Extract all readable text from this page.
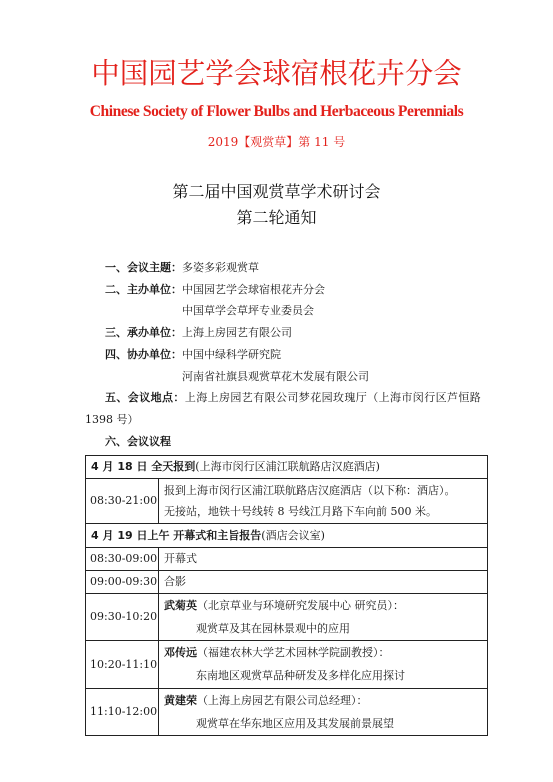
中国园艺学会球宿根花卉分会
Chinese Society of Flower Bulbs and Herbaceous Perennials
2019【观赏草】第 11 号
第二届中国观赏草学术研讨会
第二轮通知
一、会议主题：多姿多彩观赏草
二、主办单位：中国园艺学会球宿根花卉分会
中国草学会草坪专业委员会
三、承办单位：上海上房园艺有限公司
四、协办单位：中国中绿科学研究院
河南省社旗县观赏草花木发展有限公司
五、会议地点：上海上房园艺有限公司梦花园玫瑰厅（上海市闵行区芦恒路
1398 号）
六、会议议程
4 月 18 日 全天报到(上海市闵行区浦江联航路店汉庭酒店)	
08:30-21:00	报到上海市闵行区浦江联航路店汉庭酒店（以下称：酒店）。
无接站，地铁十号线转 8 号线江月路下车向前 500 米。

4 月 19 日上午 开幕式和主旨报告(酒店会议室)	
08:30-09:00	开幕式
09:00-09:30	合影
09:30-10:20	武菊英（北京草业与环境研究发展中心 研究员）：
观赏草及其在园林景观中的应用

10:20-11:10	邓传远（福建农林大学艺术园林学院副教授）：
东南地区观赏草品种研发及多样化应用探讨

11:10-12:00	黄建荣（上海上房园艺有限公司总经理）：
观赏草在华东地区应用及其发展前景展望
